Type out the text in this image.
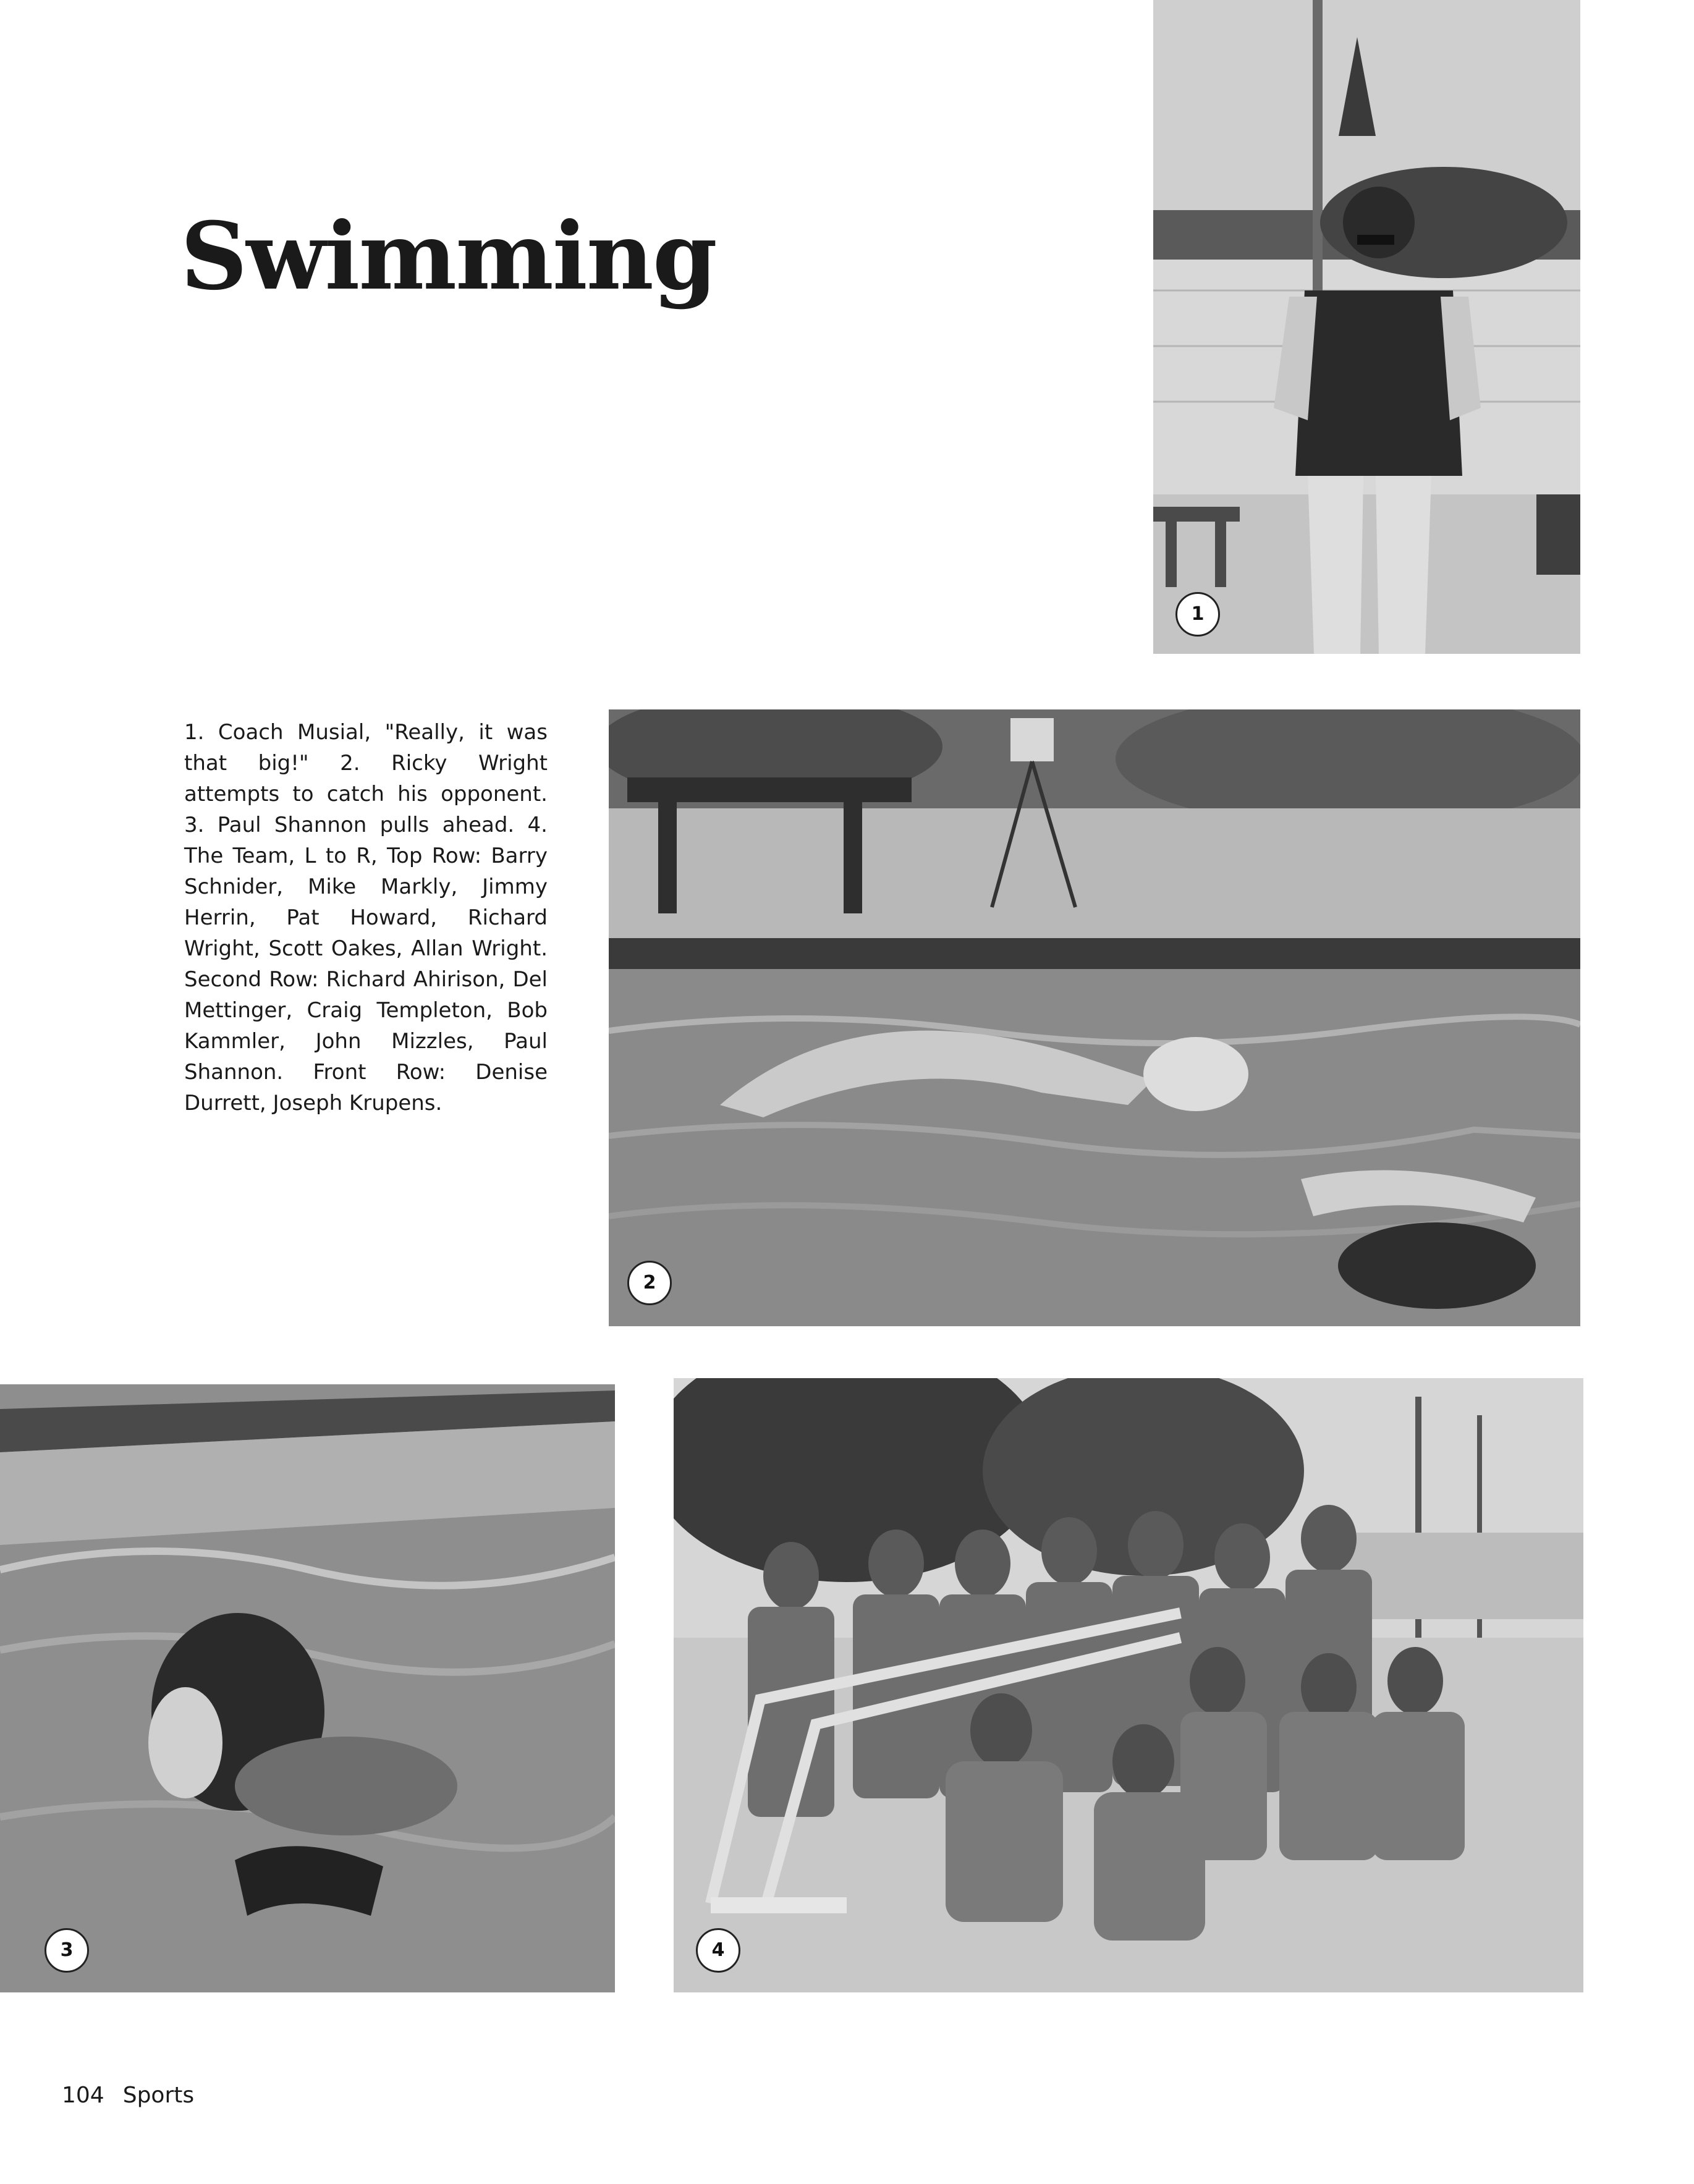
Swimming

1. Coach Musial, "Really, it was that big!" 2. Ricky Wright attempts to catch his opponent. 3. Paul Shannon pulls ahead. 4. The Team, L to R, Top Row: Barry Schnider, Mike Markly, Jimmy Herrin, Pat Howard, Richard Wright, Scott Oakes, Allan Wright. Second Row: Richard Ahirison, Del Mettinger, Craig Templeton, Bob Kammler, John Mizzles, Paul Shannon. Front Row: Denise Durrett, Joseph Krupens.

1
2
3	4
104 Sports
